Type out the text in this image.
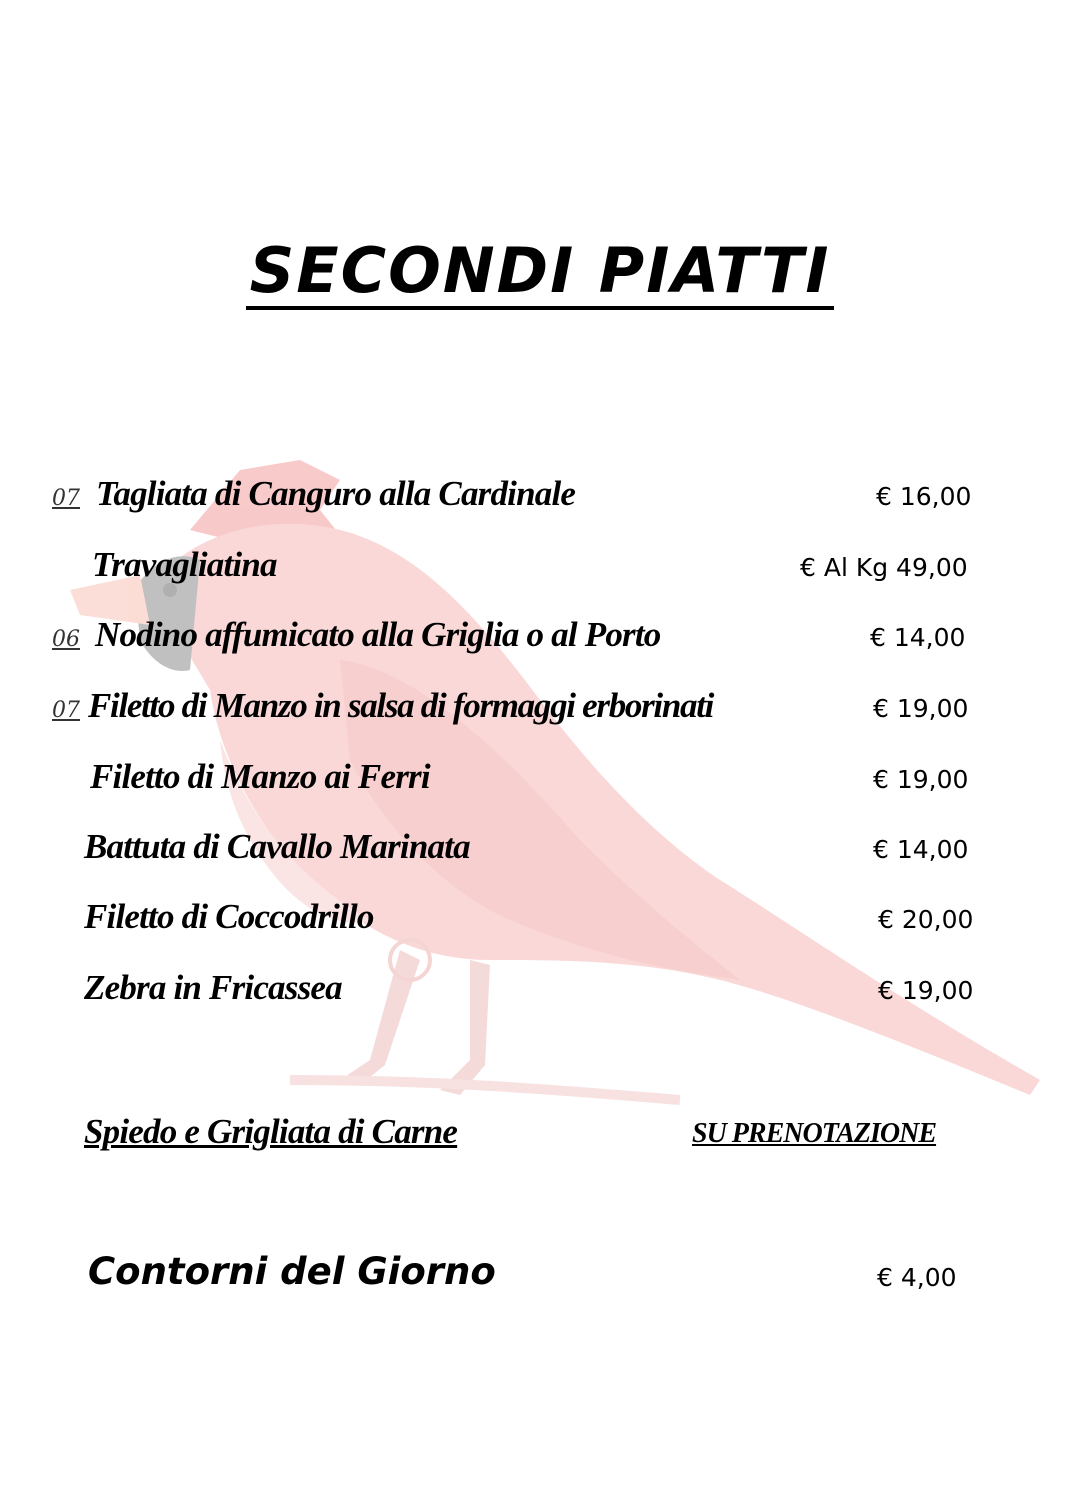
SECONDI PIATTI
07 Tagliata di Canguro alla Cardinale	€ 16,00
Travagliatina	€ Al Kg 49,00
06 Nodino affumicato alla Griglia o al Porto	€ 14,00
07 Filetto di Manzo in salsa di formaggi erborinati	€ 19,00
Filetto di Manzo ai Ferri	€ 19,00
Battuta di Cavallo Marinata	€ 14,00
Filetto di Coccodrillo	€ 20,00
Zebra in Fricassea	€ 19,00
Spiedo e Grigliata di Carne	SU PRENOTAZIONE
Contorni del Giorno	€ 4,00
